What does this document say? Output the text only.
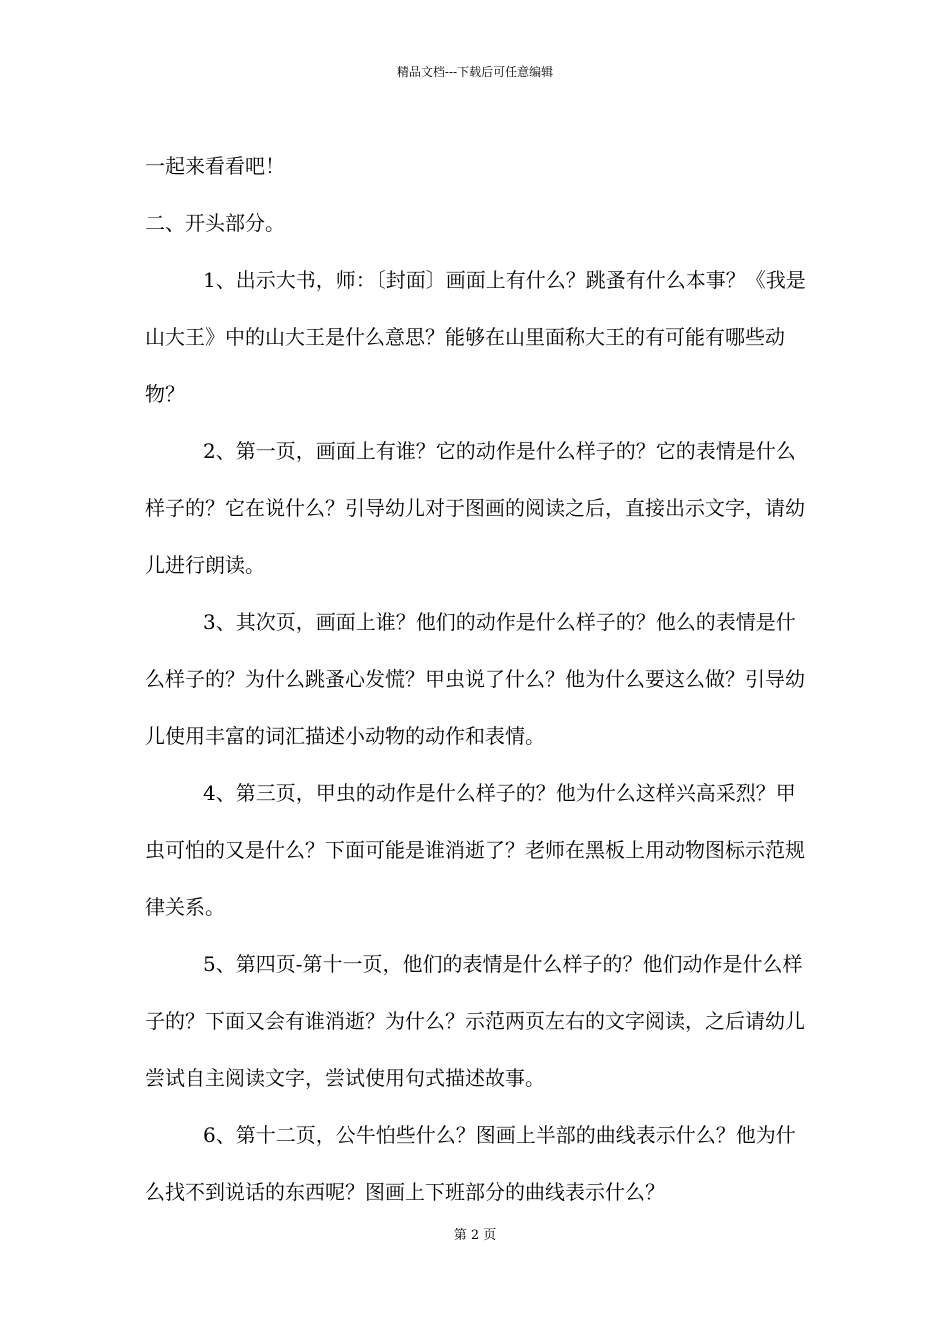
精品文档---下载后可任意编辑

一起来看看吧！

二、开头部分。

1、出示大书，师：〔封面〕画面上有什么？跳蚤有什么本事？《我是山大王》中的山大王是什么意思？能够在山里面称大王的有可能有哪些动物？

2、第一页，画面上有谁？它的动作是什么样子的？它的表情是什么样子的？它在说什么？引导幼儿对于图画的阅读之后，直接出示文字，请幼儿进行朗读。

3、其次页，画面上谁？他们的动作是什么样子的？他么的表情是什么样子的？为什么跳蚤心发慌？甲虫说了什么？他为什么要这么做？引导幼儿使用丰富的词汇描述小动物的动作和表情。

4、第三页，甲虫的动作是什么样子的？他为什么这样兴高采烈？甲虫可怕的又是什么？下面可能是谁消逝了？老师在黑板上用动物图标示范规律关系。

5、第四页-第十一页，他们的表情是什么样子的？他们动作是什么样子的？下面又会有谁消逝？为什么？示范两页左右的文字阅读，之后请幼儿尝试自主阅读文字，尝试使用句式描述故事。

6、第十二页，公牛怕些什么？图画上半部的曲线表示什么？他为什么找不到说话的东西呢？图画上下班部分的曲线表示什么？

第 2 页
